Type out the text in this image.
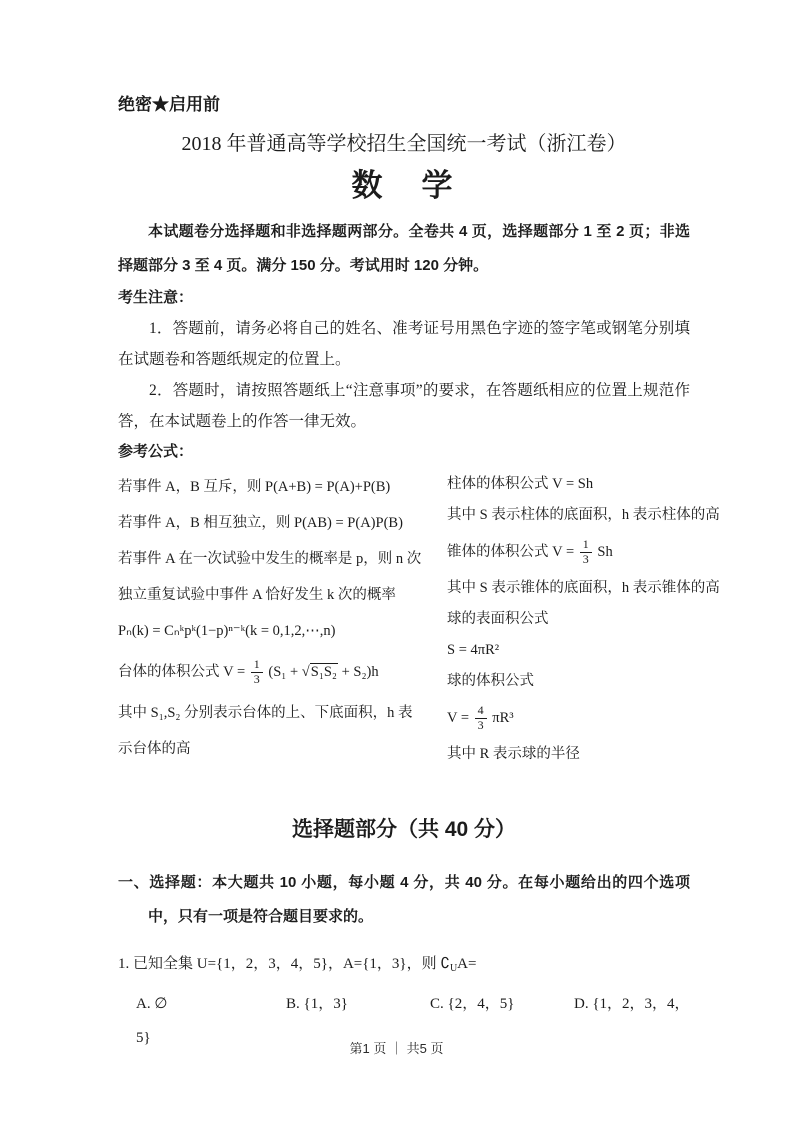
绝密★启用前
2018 年普通高等学校招生全国统一考试（浙江卷）
数　学

本试题卷分选择题和非选择题两部分。全卷共 4 页，选择题部分 1 至 2 页；非选择题部分 3 至 4 页。满分 150 分。考试用时 120 分钟。

考生注意：

1．答题前，请务必将自己的姓名、准考证号用黑色字迹的签字笔或钢笔分别填在试题卷和答题纸规定的位置上。

2．答题时，请按照答题纸上“注意事项”的要求，在答题纸相应的位置上规范作答，在本试题卷上的作答一律无效。

参考公式：
若事件 A，B 互斥，则 P(A+B) = P(A)+P(B)
若事件 A，B 相互独立，则 P(AB) = P(A)P(B)
若事件 A 在一次试验中发生的概率是 p，则 n 次
独立重复试验中事件 A 恰好发生 k 次的概率
Pₙ(k) = Cₙᵏpᵏ(1−p)ⁿ⁻ᵏ(k = 0,1,2,⋯,n)
台体的体积公式 $V = \frac{1}{3} (S_1 + √S_1S_2 + S_2)h$
其中 S₁,S₂ 分别表示台体的上、下底面积，h 表
示台体的高
柱体的体积公式 V = Sh
其中 S 表示柱体的底面积，h 表示柱体的高
锥体的体积公式 $V = \frac{1}{3}$ Sh
其中 S 表示锥体的底面积，h 表示锥体的高
球的表面积公式
S = 4πR²
球的体积公式
$V = \frac{4}{3} \pi R^3$
其中 R 表示球的半径
选择题部分（共 40 分）

一、选择题：本大题共 10 小题，每小题 4 分，共 40 分。在每小题给出的四个选项中，只有一项是符合题目要求的。

1. 已知全集 U={1，2，3，4，5}，A={1，3}，则 $∁_UA=$
A. ∅	B. {1，3}	C. {2，4，5}	D. {1，2，3，4，
5}
第1 页 ｜ 共5 页
